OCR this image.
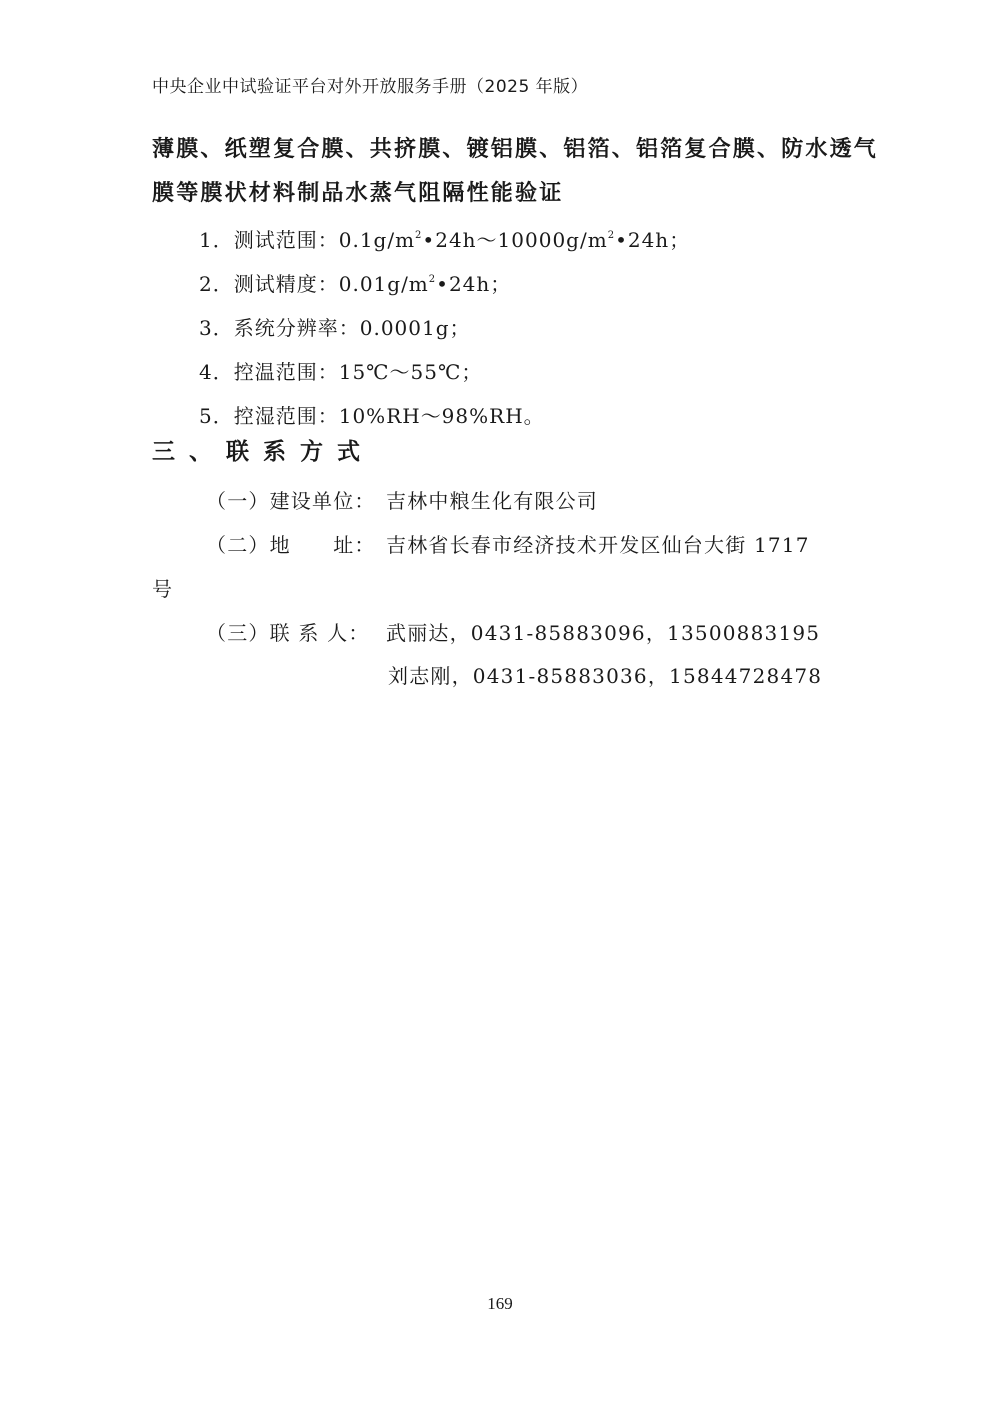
中央企业中试验证平台对外开放服务手册（2025 年版）
薄膜、纸塑复合膜、共挤膜、镀铝膜、铝箔、铝箔复合膜、防水透气
膜等膜状材料制品水蒸气阻隔性能验证
1．测试范围：$0.1g/m^2•24h\sim 10000g/m^2•24h$；
2．测试精度：$0.01g/m^2•24h$；
3．系统分辨率：0.0001g；
4．控温范围：15℃～55℃；
5．控湿范围：10%RH～98%RH。
三、联系方式
（一）建设单位： 吉林中粮生化有限公司
（二）地　　址： 吉林省长春市经济技术开发区仙台大街 1717
号
（三）联 系 人： 武丽达，0431-85883096，13500883195
刘志刚，0431-85883036，15844728478
169
